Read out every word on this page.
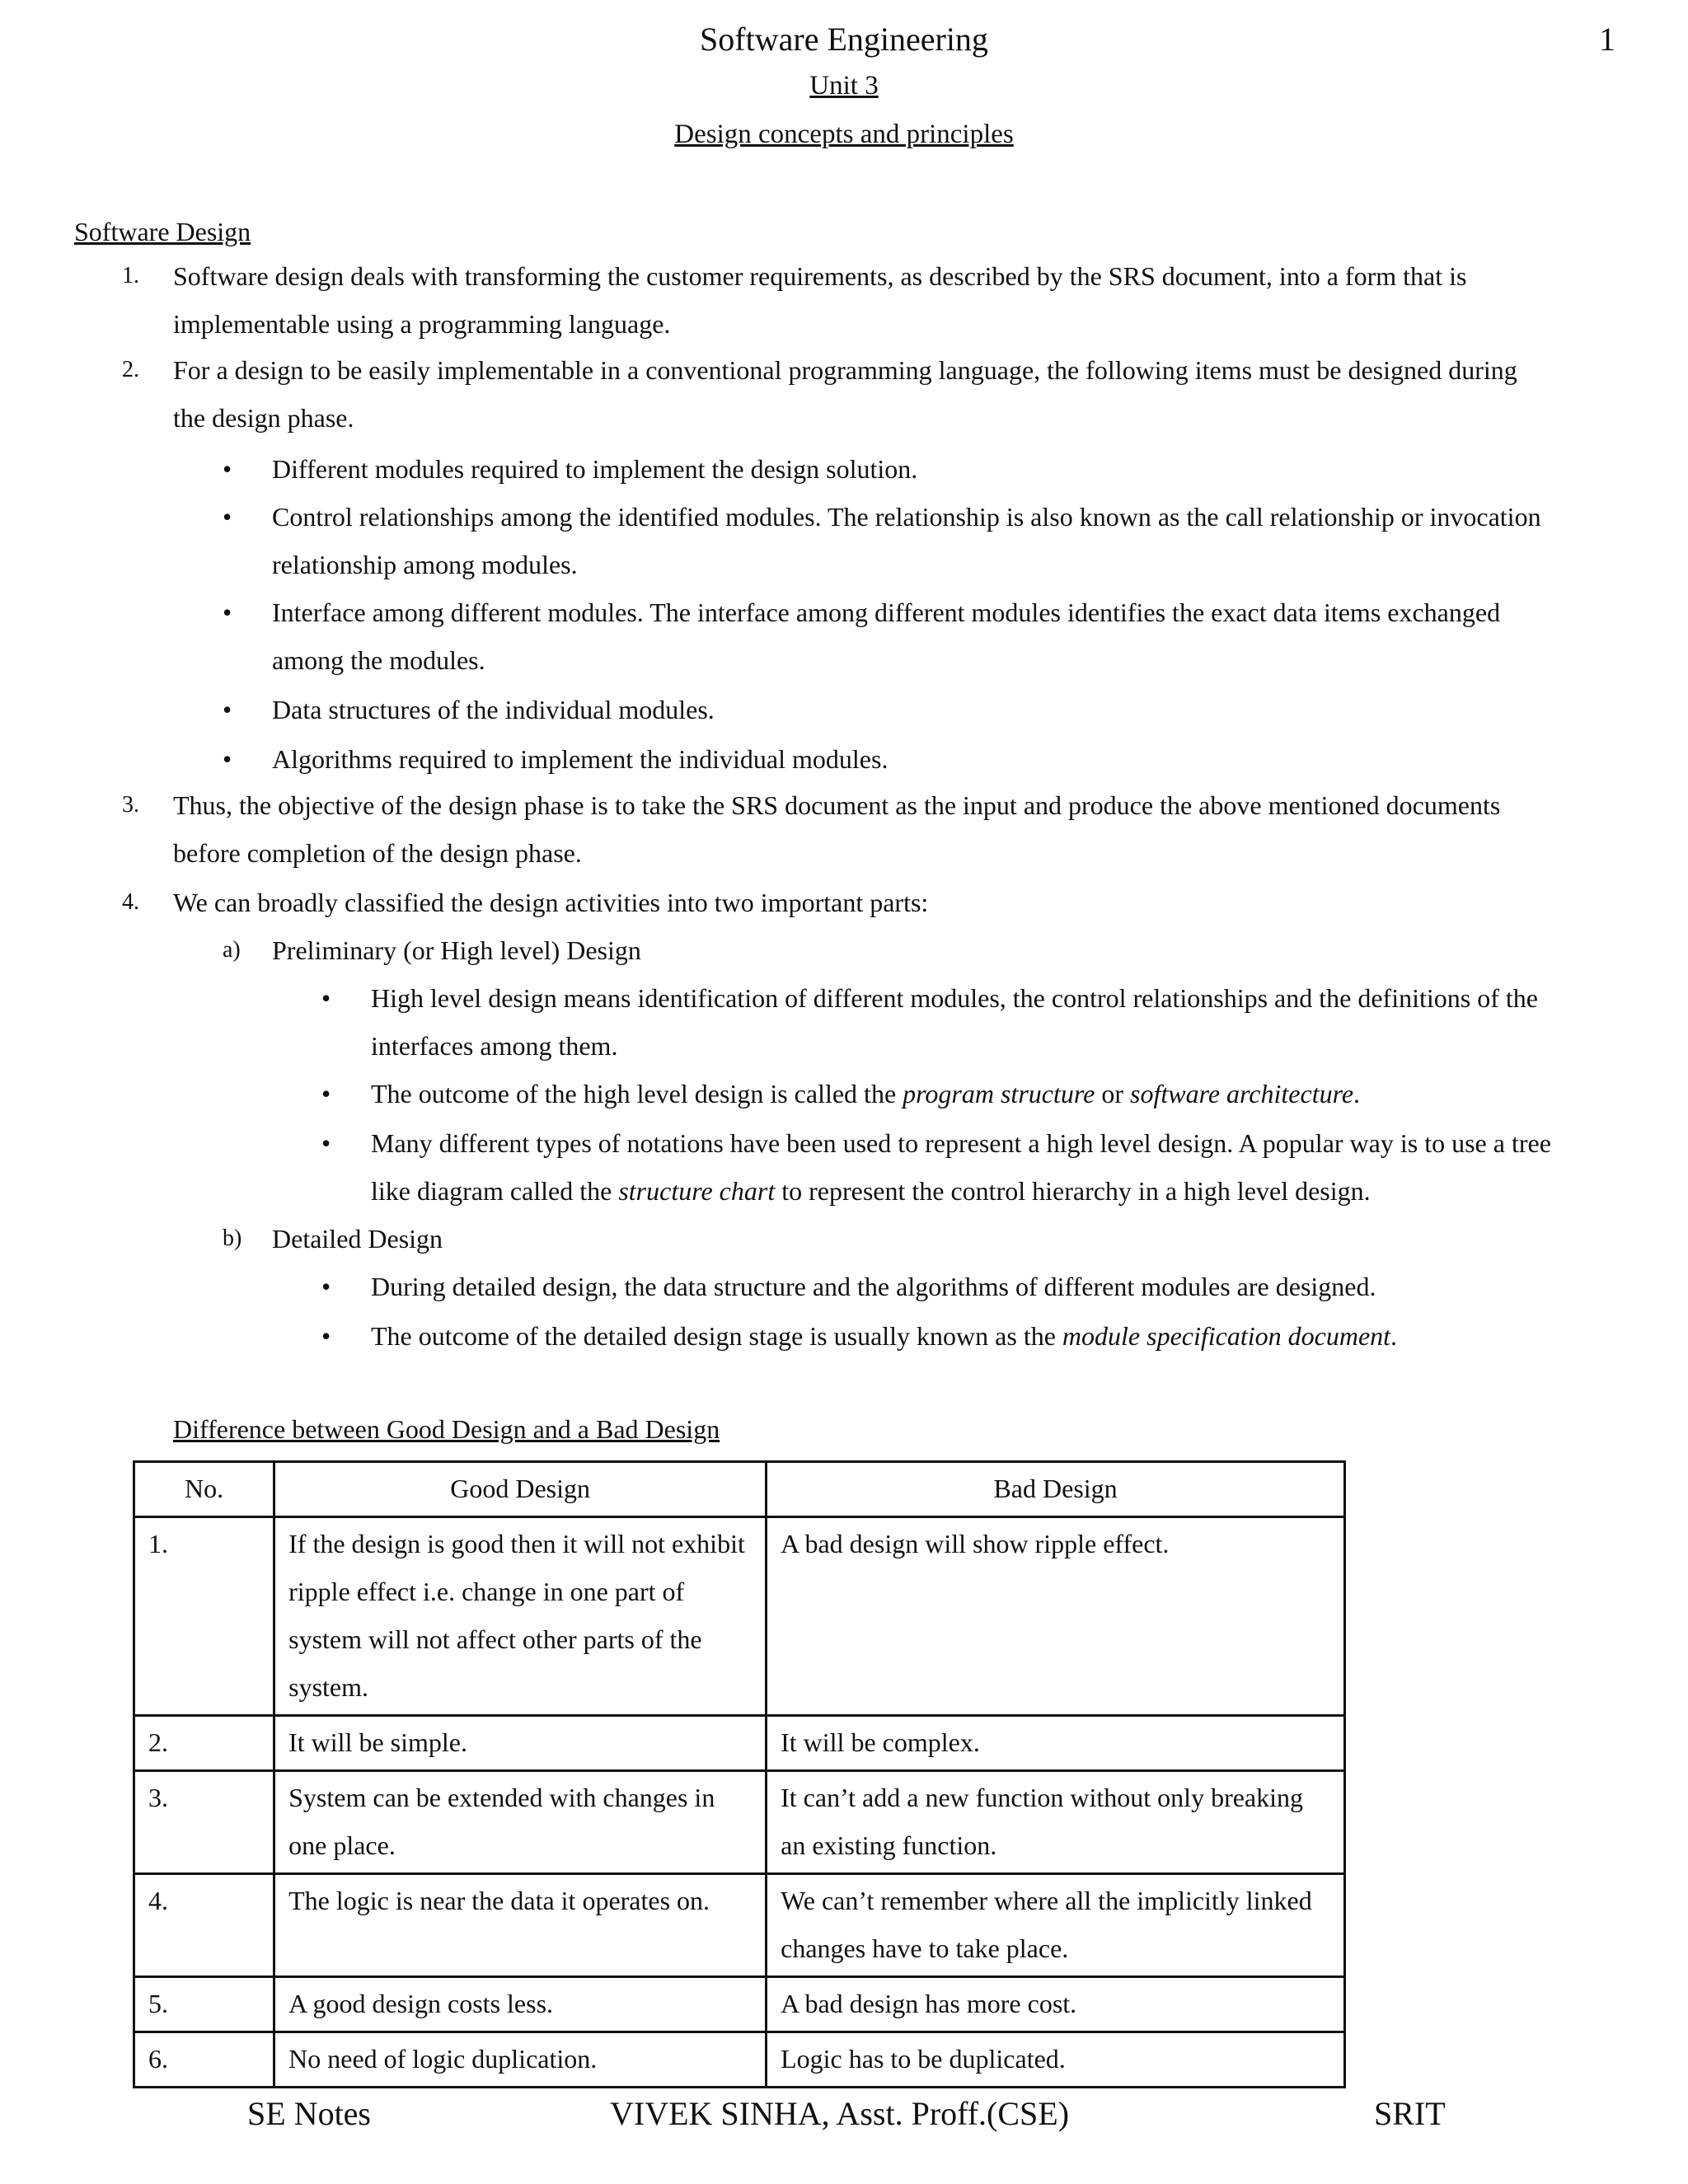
Software Engineering	1
Unit 3
Design concepts and principles
Software Design
1. Software design deals with transforming the customer requirements, as described by the SRS document, into a form that is
implementable using a programming language.
2. For a design to be easily implementable in a conventional programming language, the following items must be designed during
the design phase.
• Different modules required to implement the design solution.
• Control relationships among the identified modules. The relationship is also known as the call relationship or invocation
relationship among modules.
• Interface among different modules. The interface among different modules identifies the exact data items exchanged
among the modules.
• Data structures of the individual modules.
• Algorithms required to implement the individual modules.
3. Thus, the objective of the design phase is to take the SRS document as the input and produce the above mentioned documents
before completion of the design phase.
4. We can broadly classified the design activities into two important parts:
a) Preliminary (or High level) Design
• High level design means identification of different modules, the control relationships and the definitions of the
interfaces among them.
• The outcome of the high level design is called the program structure or software architecture.
• Many different types of notations have been used to represent a high level design. A popular way is to use a tree
like diagram called the structure chart to represent the control hierarchy in a high level design.
b) Detailed Design
• During detailed design, the data structure and the algorithms of different modules are designed.
• The outcome of the detailed design stage is usually known as the module specification document.
Difference between Good Design and a Bad Design
No.	Good Design	Bad Design
1.	If the design is good then it will not exhibit ripple effect i.e. change in one part of system will not affect other parts of the system.	A bad design will show ripple effect.
2.	It will be simple.	It will be complex.
3.	System can be extended with changes in one place.	It can’t add a new function without only breaking an existing function.
4.	The logic is near the data it operates on.	We can’t remember where all the implicitly linked changes have to take place.
5.	A good design costs less.	A bad design has more cost.
6.	No need of logic duplication.	Logic has to be duplicated.
SE Notes	VIVEK SINHA, Asst. Proff.(CSE)	SRIT
